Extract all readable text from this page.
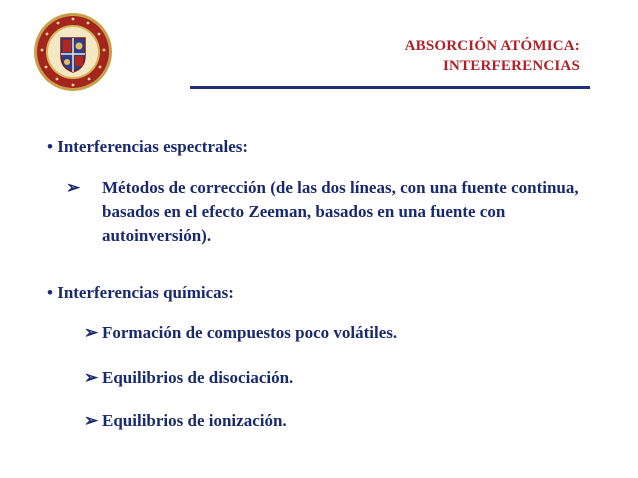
ABSORCIÓN ATÓMICA:
INTERFERENCIAS
• Interferencias espectrales:
➢ Métodos de corrección (de las dos líneas, con una fuente continua, basados en el efecto Zeeman, basados en una fuente con autoinversión).
• Interferencias químicas:
➢ Formación de compuestos poco volátiles.
➢ Equilibrios de disociación.
➢ Equilibrios de ionización.
